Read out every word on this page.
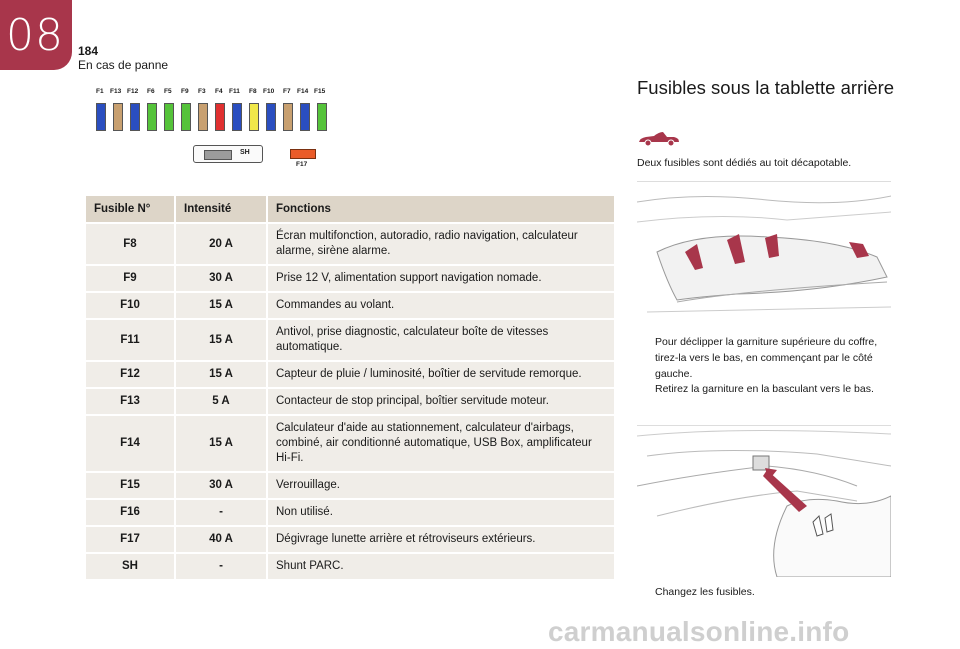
08 184
En cas de panne
F1 F13 F12 F6 F5 F9 F3 F4 F11 F8 F10 F7 F14 F15
SH
F17
Fusible N°	Intensité	Fonctions
F8	20 A	Écran multifonction, autoradio, radio navigation, calculateur alarme, sirène alarme.
F9	30 A	Prise 12 V, alimentation support navigation nomade.
F10	15 A	Commandes au volant.
F11	15 A	Antivol, prise diagnostic, calculateur boîte de vitesses automatique.
F12	15 A	Capteur de pluie / luminosité, boîtier de servitude remorque.
F13	5 A	Contacteur de stop principal, boîtier servitude moteur.
F14	15 A	Calculateur d'aide au stationnement, calculateur d'airbags, combiné, air conditionné automatique, USB Box, amplificateur Hi-Fi.
F15	30 A	Verrouillage.
F16	-	Non utilisé.
F17	40 A	Dégivrage lunette arrière et rétroviseurs extérieurs.
SH	-	Shunt PARC.
Fusibles sous la tablette arrière
Deux fusibles sont dédiés au toit décapotable.
Pour déclipper la garniture supérieure du coffre, tirez-la vers le bas, en commençant par le côté gauche.
Retirez la garniture en la basculant vers le bas.
Changez les fusibles.
carmanualsonline.info
